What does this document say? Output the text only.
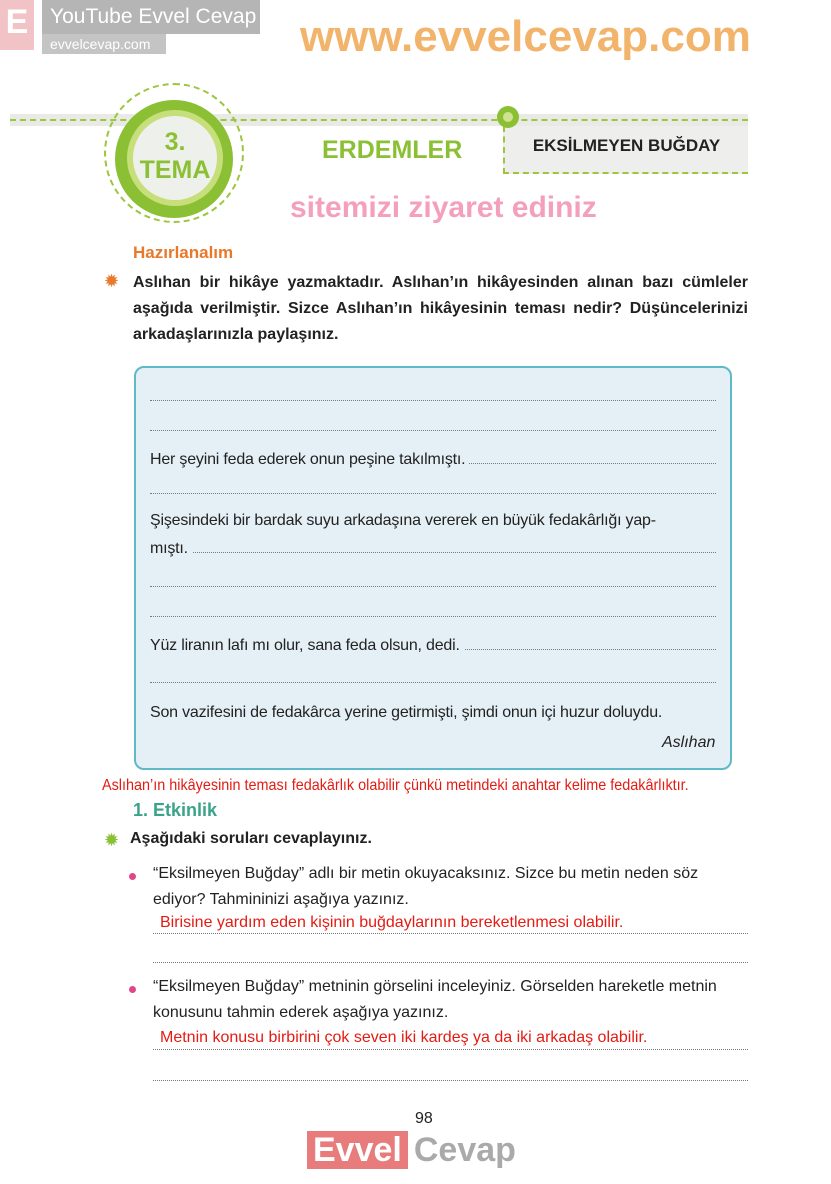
E	YouTube Evvel Cevap
evvelcevap.com	www.evvelcevap.com
3.
TEMA
ERDEMLER	EKSİLMEYEN BUĞDAY
sitemizi ziyaret ediniz
Hazırlanalım
✹ Aslıhan bir hikâye yazmaktadır. Aslıhan’ın hikâyesinden alınan bazı cümleler aşağıda verilmiştir. Sizce Aslıhan’ın hikâyesinin teması nedir? Düşüncelerinizi arkadaşlarınızla paylaşınız.
Her şeyini feda ederek onun peşine takılmıştı.
Şişesindeki bir bardak suyu arkadaşına vererek en büyük fedakârlığı yap-
mıştı.
Yüz liranın lafı mı olur, sana feda olsun, dedi.
Son vazifesini de fedakârca yerine getirmişti, şimdi onun içi huzur doluydu.
Aslıhan
Aslıhan’ın hikâyesinin teması fedakârlık olabilir çünkü metindeki anahtar kelime fedakârlıktır.
1. Etkinlik
✹ Aşağıdaki soruları cevaplayınız.
“Eksilmeyen Buğday” adlı bir metin okuyacaksınız. Sizce bu metin neden söz ediyor? Tahmininizi aşağıya yazınız.
Birisine yardım eden kişinin buğdaylarının bereketlenmesi olabilir.
“Eksilmeyen Buğday” metninin görselini inceleyiniz. Görselden hareketle metnin konusunu tahmin ederek aşağıya yazınız.
Metnin konusu birbirini çok seven iki kardeş ya da iki arkadaş olabilir.
98
Evvel Cevap
